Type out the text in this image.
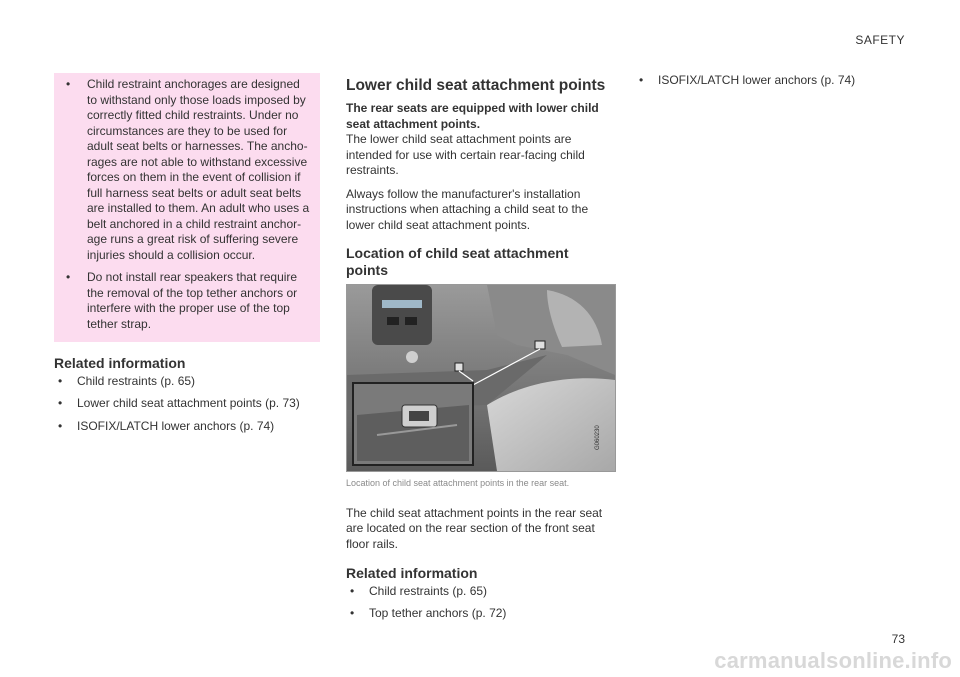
SAFETY
• Child restraint anchorages are designed to withstand only those loads imposed by correctly fitted child restraints. Under no circumstances are they to be used for adult seat belts or harnesses. The anchorages are not able to withstand excessive forces on them in the event of collision if full harness seat belts or adult seat belts are installed to them. An adult who uses a belt anchored in a child restraint anchorage runs a great risk of suffering severe injuries should a collision occur.
• Do not install rear speakers that require the removal of the top tether anchors or interfere with the proper use of the top tether strap.
Related information
• Child restraints (p. 65)
• Lower child seat attachment points (p. 73)
• ISOFIX/LATCH lower anchors (p. 74)
Lower child seat attachment points

The rear seats are equipped with lower child seat attachment points.

The lower child seat attachment points are intended for use with certain rear-facing child restraints.

Always follow the manufacturer's installation instructions when attaching a child seat to the lower child seat attachment points.

Location of child seat attachment points
G060230
Location of child seat attachment points in the rear seat.

The child seat attachment points in the rear seat are located on the rear section of the front seat floor rails.

Related information
• Child restraints (p. 65)
• Top tether anchors (p. 72)
• ISOFIX/LATCH lower anchors (p. 74)
73
carmanualsonline.info
